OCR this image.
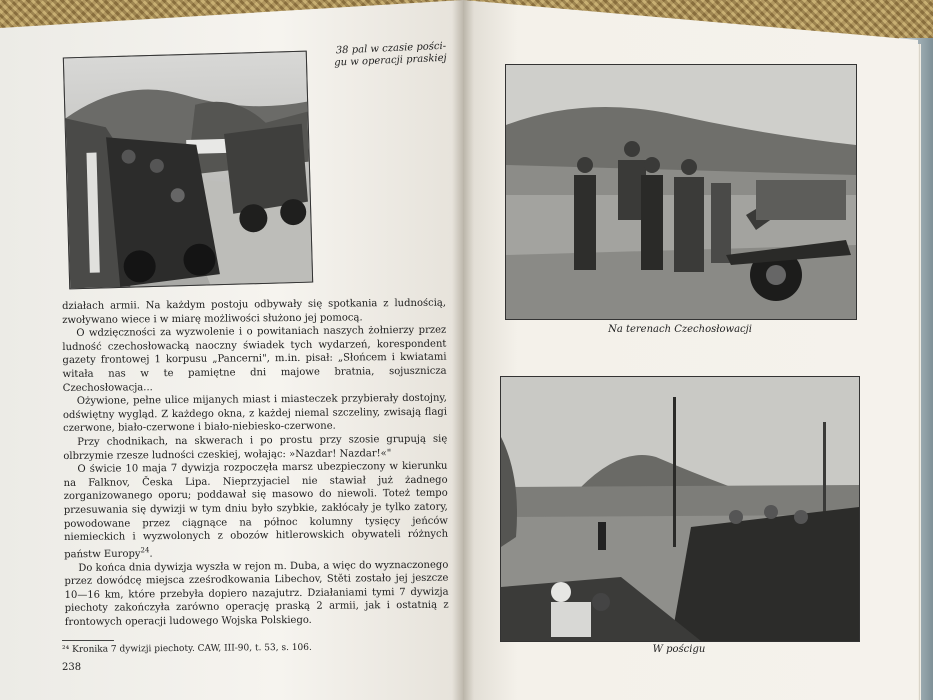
38 pal w czasie pości-
gu w operacji praskiej

działach armii. Na każdym postoju odbywały się spotkania z ludnością, zwoływano wiece i w miarę możliwości służono jej pomocą.

O wdzięczności za wyzwolenie i o powitaniach naszych żołnierzy przez ludność czechosłowacką naoczny świadek tych wydarzeń, korespondent gazety frontowej 1 korpusu „Pancerni", m.in. pisał: „Słońcem i kwiatami witała nas w te pamiętne dni majowe bratnia, sojusznicza Czechosłowacja...

Ożywione, pełne ulice mijanych miast i miasteczek przybierały dostojny, odświętny wygląd. Z każdego okna, z każdej niemal szczeliny, zwisają flagi czerwone, biało-czerwone i biało-niebiesko-czerwone.

Przy chodnikach, na skwerach i po prostu przy szosie grupują się olbrzymie rzesze ludności czeskiej, wołając: »Nazdar! Nazdar!«"

O świcie 10 maja 7 dywizja rozpoczęła marsz ubezpieczony w kierunku na Falknov, Česka Lipa. Nieprzyjaciel nie stawiał już żadnego zorganizowanego oporu; poddawał się masowo do niewoli. Toteż tempo przesuwania się dywizji w tym dniu było szybkie, zakłócały je tylko zatory, powodowane przez ciągnące na północ kolumny tysięcy jeńców niemieckich i wyzwolonych z obozów hitlerowskich obywateli różnych państw Europy$^{24}$.

Do końca dnia dywizja wyszła w rejon m. Duba, a więc do wyznaczonego przez dowódcę miejsca zześrodkowania Libechov, Stěti zostało jej jeszcze 10—16 km, które przebyła dopiero nazajutrz. Działaniami tymi 7 dywizja piechoty zakończyła zarówno operację praską 2 armii, jak i ostatnią z frontowych operacji ludowego Wojska Polskiego.

²⁴ Kronika 7 dywizji piechoty. CAW, III-90, t. 53, s. 106.
238
Na terenach Czechosłowacji
W pościgu
